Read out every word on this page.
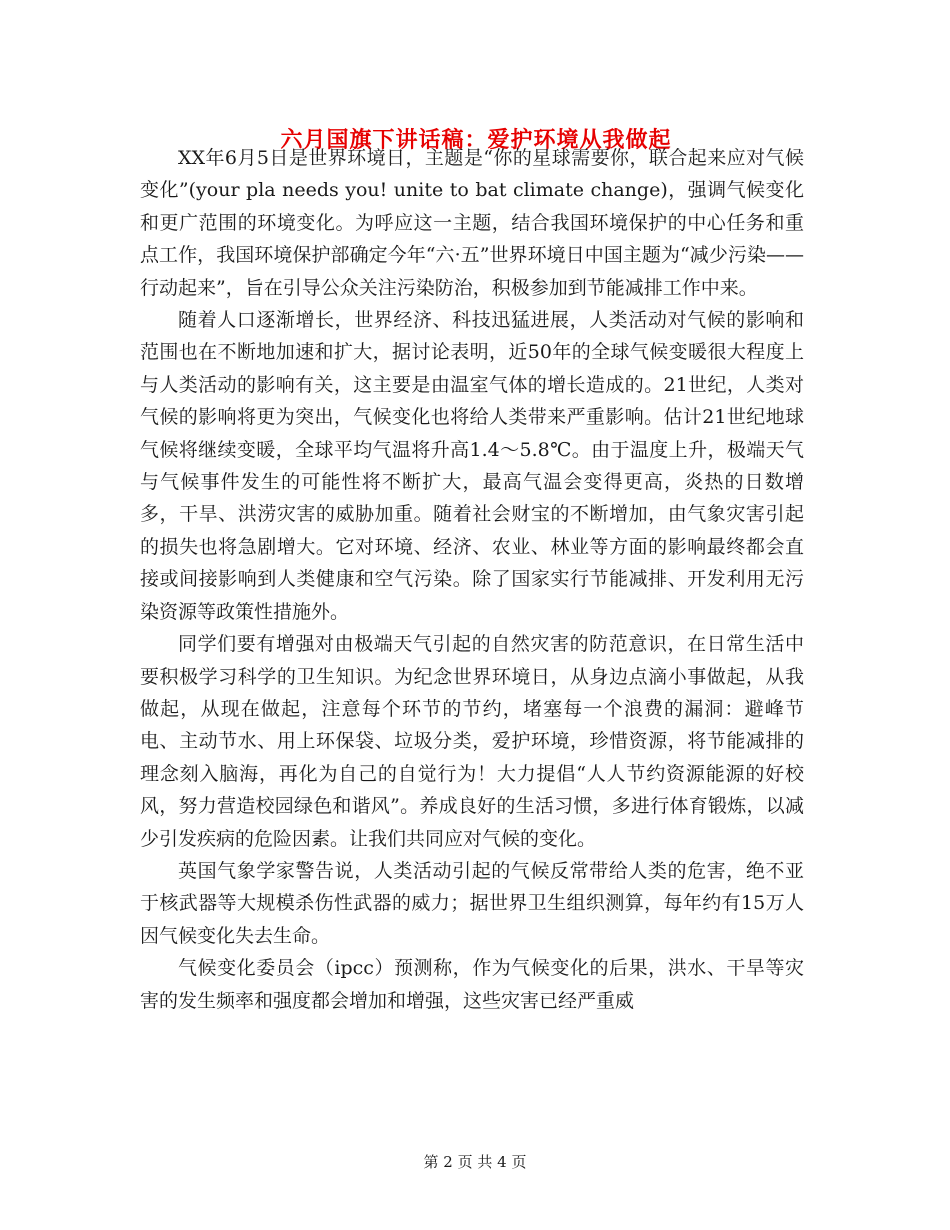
六月国旗下讲话稿：爱护环境从我做起

XX年6月5日是世界环境日，主题是“你的星球需要你，联合起来应对气候变化”(your pla needs you! unite to bat climate change)，强调气候变化和更广范围的环境变化。为呼应这一主题，结合我国环境保护的中心任务和重点工作，我国环境保护部确定今年“六·五”世界环境日中国主题为“减少污染——行动起来”，旨在引导公众关注污染防治，积极参加到节能减排工作中来。

随着人口逐渐增长，世界经济、科技迅猛进展，人类活动对气候的影响和范围也在不断地加速和扩大，据讨论表明，近50年的全球气候变暖很大程度上与人类活动的影响有关，这主要是由温室气体的增长造成的。21世纪，人类对气候的影响将更为突出，气候变化也将给人类带来严重影响。估计21世纪地球气候将继续变暖，全球平均气温将升高1.4～5.8℃。由于温度上升，极端天气与气候事件发生的可能性将不断扩大，最高气温会变得更高，炎热的日数增多，干旱、洪涝灾害的威胁加重。随着社会财宝的不断增加，由气象灾害引起的损失也将急剧增大。它对环境、经济、农业、林业等方面的影响最终都会直接或间接影响到人类健康和空气污染。除了国家实行节能减排、开发利用无污染资源等政策性措施外。

同学们要有增强对由极端天气引起的自然灾害的防范意识，在日常生活中要积极学习科学的卫生知识。为纪念世界环境日，从身边点滴小事做起，从我做起，从现在做起，注意每个环节的节约，堵塞每一个浪费的漏洞：避峰节电、主动节水、用上环保袋、垃圾分类，爱护环境，珍惜资源，将节能减排的理念刻入脑海，再化为自己的自觉行为！大力提倡“人人节约资源能源的好校风，努力营造校园绿色和谐风”。养成良好的生活习惯，多进行体育锻炼，以减少引发疾病的危险因素。让我们共同应对气候的变化。

英国气象学家警告说，人类活动引起的气候反常带给人类的危害，绝不亚于核武器等大规模杀伤性武器的威力；据世界卫生组织测算，每年约有15万人因气候变化失去生命。

气候变化委员会（ipcc）预测称，作为气候变化的后果，洪水、干旱等灾害的发生频率和强度都会增加和增强，这些灾害已经严重威

第 2 页 共 4 页
